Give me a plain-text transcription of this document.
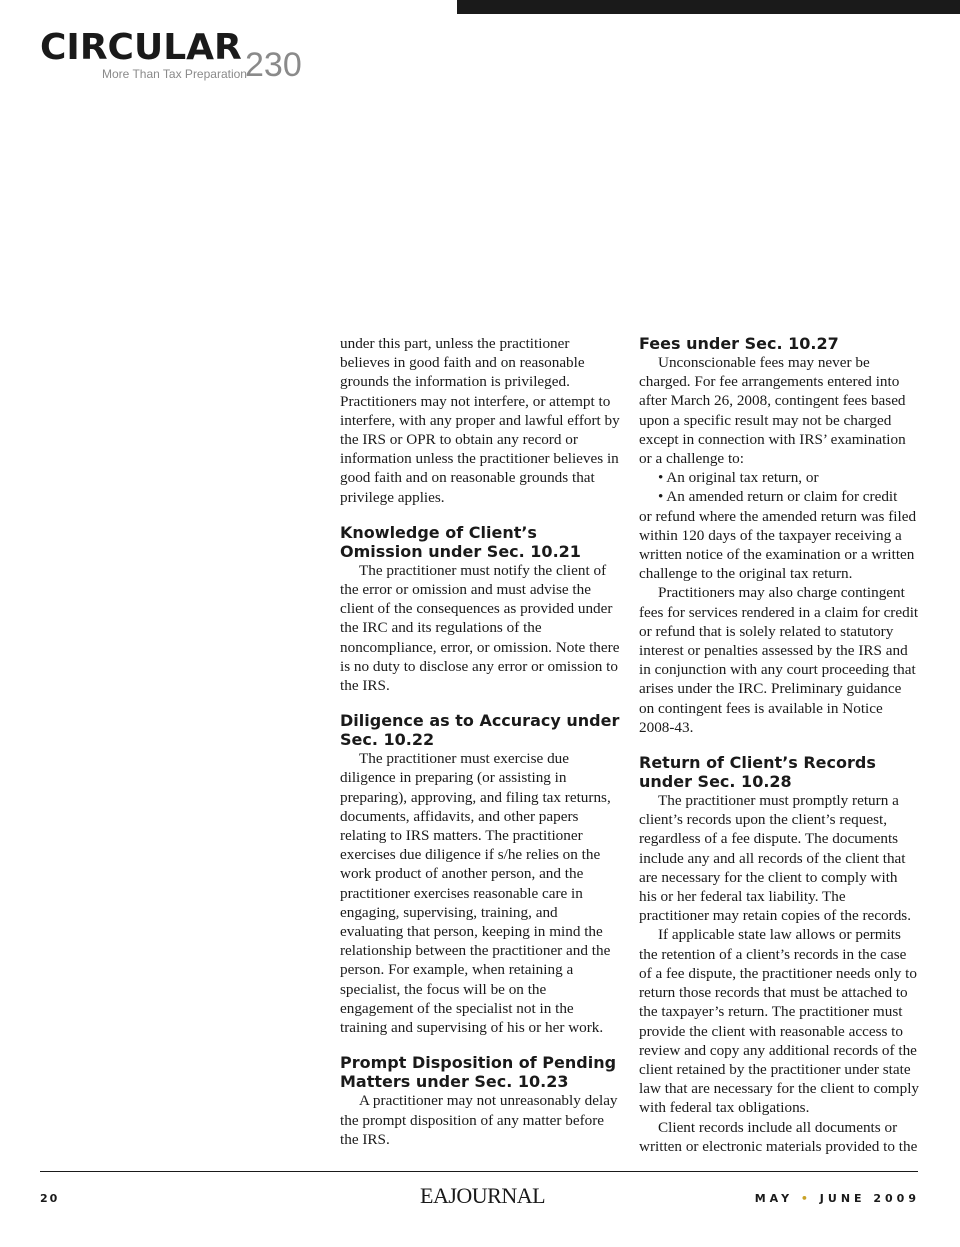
CIRCULAR 230
More Than Tax Preparation

under this part, unless the practitioner believes in good faith and on reasonable grounds the information is privileged. Practitioners may not interfere, or attempt to interfere, with any proper and lawful effort by the IRS or OPR to obtain any record or information unless the practitioner believes in good faith and on reasonable grounds that privilege applies.

Knowledge of Client’s Omission under Sec. 10.21

The practitioner must notify the client of the error or omission and must advise the client of the consequences as provided under the IRC and its regulations of the noncompliance, error, or omission. Note there is no duty to disclose any error or omission to the IRS.

Diligence as to Accuracy under Sec. 10.22

The practitioner must exercise due diligence in preparing (or assisting in preparing), approving, and filing tax returns, documents, affidavits, and other papers relating to IRS matters. The practitioner exercises due diligence if s/he relies on the work product of another person, and the practitioner exercises reasonable care in engaging, supervising, training, and evaluating that person, keeping in mind the relationship between the practitioner and the person. For example, when retaining a specialist, the focus will be on the engagement of the specialist not in the training and supervising of his or her work.

Prompt Disposition of Pending Matters under Sec. 10.23

A practitioner may not unreasonably delay the prompt disposition of any matter before the IRS.

Fees under Sec. 10.27

Unconscionable fees may never be charged. For fee arrangements entered into after March 26, 2008, contingent fees based upon a specific result may not be charged except in connection with IRS’ examination or a challenge to:

• An original tax return, or

• An amended return or claim for credit

or refund where the amended return was filed within 120 days of the taxpayer receiving a written notice of the examination or a written challenge to the original tax return.

Practitioners may also charge contingent fees for services rendered in a claim for credit or refund that is solely related to statutory interest or penalties assessed by the IRS and in conjunction with any court proceeding that arises under the IRC. Preliminary guidance on contingent fees is available in Notice 2008-43.

Return of Client’s Records under Sec. 10.28

The practitioner must promptly return a client’s records upon the client’s request, regardless of a fee dispute. The documents include any and all records of the client that are necessary for the client to comply with his or her federal tax liability. The practitioner may retain copies of the records.

If applicable state law allows or permits the retention of a client’s records in the case of a fee dispute, the practitioner needs only to return those records that must be attached to the taxpayer’s return. The practitioner must provide the client with reasonable access to review and copy any additional records of the client retained by the practitioner under state law that are necessary for the client to comply with federal tax obligations.

Client records include all documents or written or electronic materials provided to the

20	EAJOURNAL	MAY • JUNE 2009
